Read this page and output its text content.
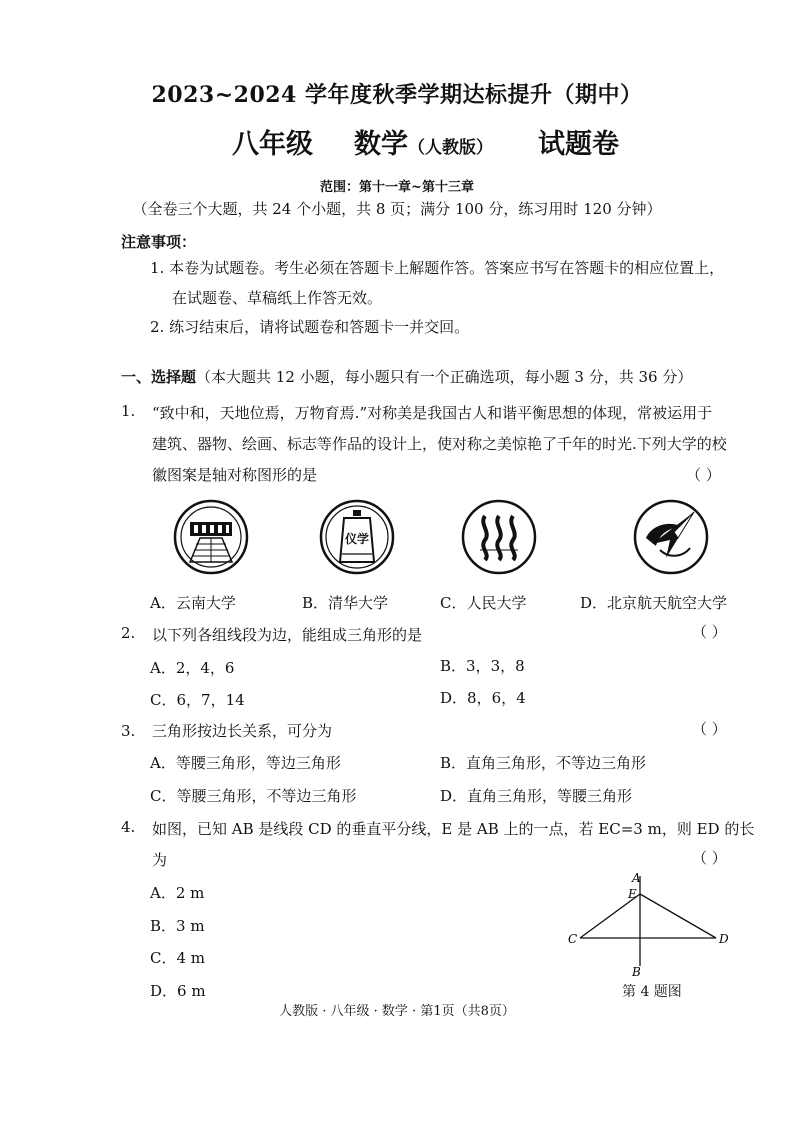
2023~2024 学年度秋季学期达标提升（期中）
八年级 数学（人教版） 试题卷
范围：第十一章~第十三章
（全卷三个大题，共 24 个小题，共 8 页；满分 100 分，练习用时 120 分钟）
注意事项：
1. 本卷为试题卷。考生必须在答题卡上解题作答。答案应书写在答题卡的相应位置上，
在试题卷、草稿纸上作答无效。
2. 练习结束后，请将试题卷和答题卡一并交回。
一、选择题（本大题共 12 小题，每小题只有一个正确选项，每小题 3 分，共 36 分）
1. “致中和，天地位焉，万物育焉.”对称美是我国古人和谐平衡思想的体现，常被运用于
建筑、器物、绘画、标志等作品的设计上，使对称之美惊艳了千年的时光.下列大学的校
徽图案是轴对称图形的是	（ ）
仪学
A．云南大学	B．清华大学	C．人民大学	D．北京航天航空大学
2. 以下列各组线段为边，能组成三角形的是	（ ）
A．2，4，6	B．3，3，8
C．6，7，14	D．8，6，4
3. 三角形按边长关系，可分为	（ ）
A．等腰三角形，等边三角形	B．直角三角形，不等边三角形
C．等腰三角形，不等边三角形	D．直角三角形，等腰三角形
4. 如图，已知 AB 是线段 CD 的垂直平分线，E 是 AB 上的一点，若 EC=3 m，则 ED 的长
为	（ ）
A．2 m
B．3 m
C．4 m
D．6 m
A
E
C	D
B
第 4 题图
人教版 · 八年级 · 数学 · 第1页（共8页）
